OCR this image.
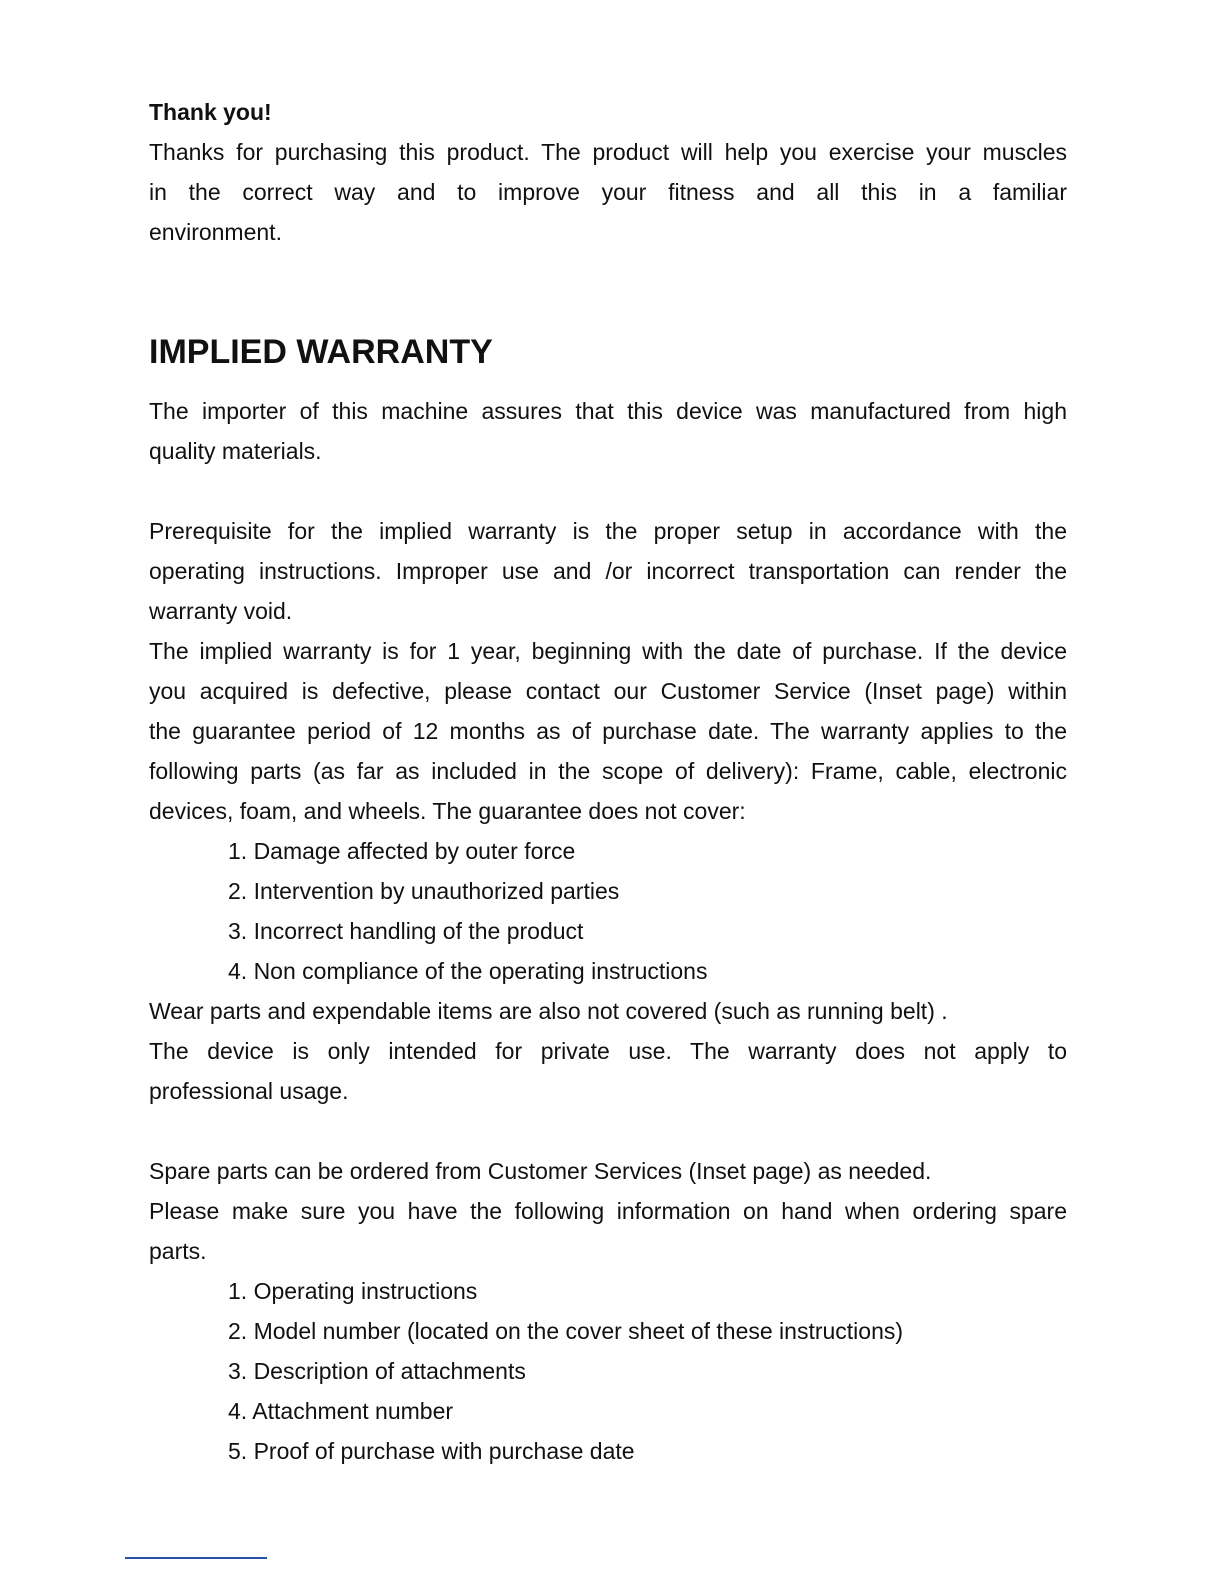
Thank you!

Thanks for purchasing this product. The product will help you exercise your muscles

in the correct way and to improve your fitness and all this in a familiar

environment.

IMPLIED WARRANTY

The importer of this machine assures that this device was manufactured from high

quality materials.

Prerequisite for the implied warranty is the proper setup in accordance with the

operating instructions. Improper use and /or incorrect transportation can render the

warranty void.

The implied warranty is for 1 year, beginning with the date of purchase. If the device

you acquired is defective, please contact our Customer Service (Inset page) within

the guarantee period of 12 months as of purchase date. The warranty applies to the

following parts (as far as included in the scope of delivery): Frame, cable, electronic

devices, foam, and wheels. The guarantee does not cover:

1. Damage affected by outer force

2. Intervention by unauthorized parties

3. Incorrect handling of the product

4. Non compliance of the operating instructions

Wear parts and expendable items are also not covered (such as running belt) .

The device is only intended for private use. The warranty does not apply to

professional usage.

Spare parts can be ordered from Customer Services (Inset page) as needed.

Please make sure you have the following information on hand when ordering spare

parts.

1. Operating instructions

2. Model number (located on the cover sheet of these instructions)

3. Description of attachments

4. Attachment number

5. Proof of purchase with purchase date
